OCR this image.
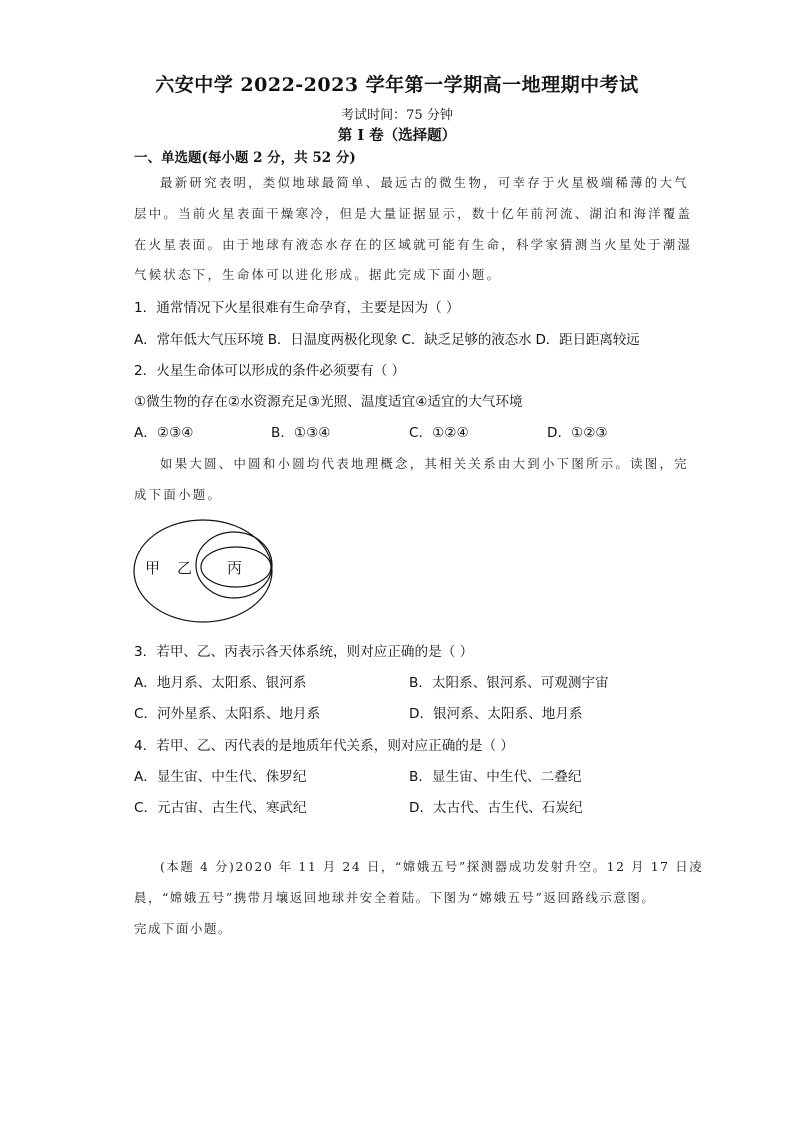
六安中学 2022-2023 学年第一学期高一地理期中考试
考试时间：75 分钟
第 I 卷（选择题）
一、单选题(每小题 2 分，共 52 分)
最新研究表明，类似地球最简单、最远古的微生物，可幸存于火星极端稀薄的大气
层中。当前火星表面干燥寒冷，但是大量证据显示，数十亿年前河流、湖泊和海洋覆盖
在火星表面。由于地球有液态水存在的区域就可能有生命，科学家猜测当火星处于潮湿
气候状态下，生命体可以进化形成。据此完成下面小题。
1．通常情况下火星很难有生命孕育，主要是因为（ ）
A．常年低大气压环境 B．日温度两极化现象 C．缺乏足够的液态水 D．距日距离较远
2．火星生命体可以形成的条件必须要有（ ）
①微生物的存在②水资源充足③光照、温度适宜④适宜的大气环境
A．②③④	B．①③④	C．①②④	D．①②③
如果大圆、中圆和小圆均代表地理概念，其相关关系由大到小下图所示。读图，完
成下面小题。
甲 乙 丙
3．若甲、乙、丙表示各天体系统，则对应正确的是（ ）
A．地月系、太阳系、银河系	B．太阳系、银河系、可观测宇宙
C．河外星系、太阳系、地月系	D．银河系、太阳系、地月系
4．若甲、乙、丙代表的是地质年代关系，则对应正确的是（ ）
A．显生宙、中生代、侏罗纪	B．显生宙、中生代、二叠纪
C．元古宙、古生代、寒武纪	D．太古代、古生代、石炭纪
(本题 4 分)2020 年 11 月 24 日，“嫦娥五号”探测器成功发射升空。12 月 17 日凌
晨，“嫦娥五号”携带月壤返回地球并安全着陆。下图为“嫦娥五号”返回路线示意图。
完成下面小题。
